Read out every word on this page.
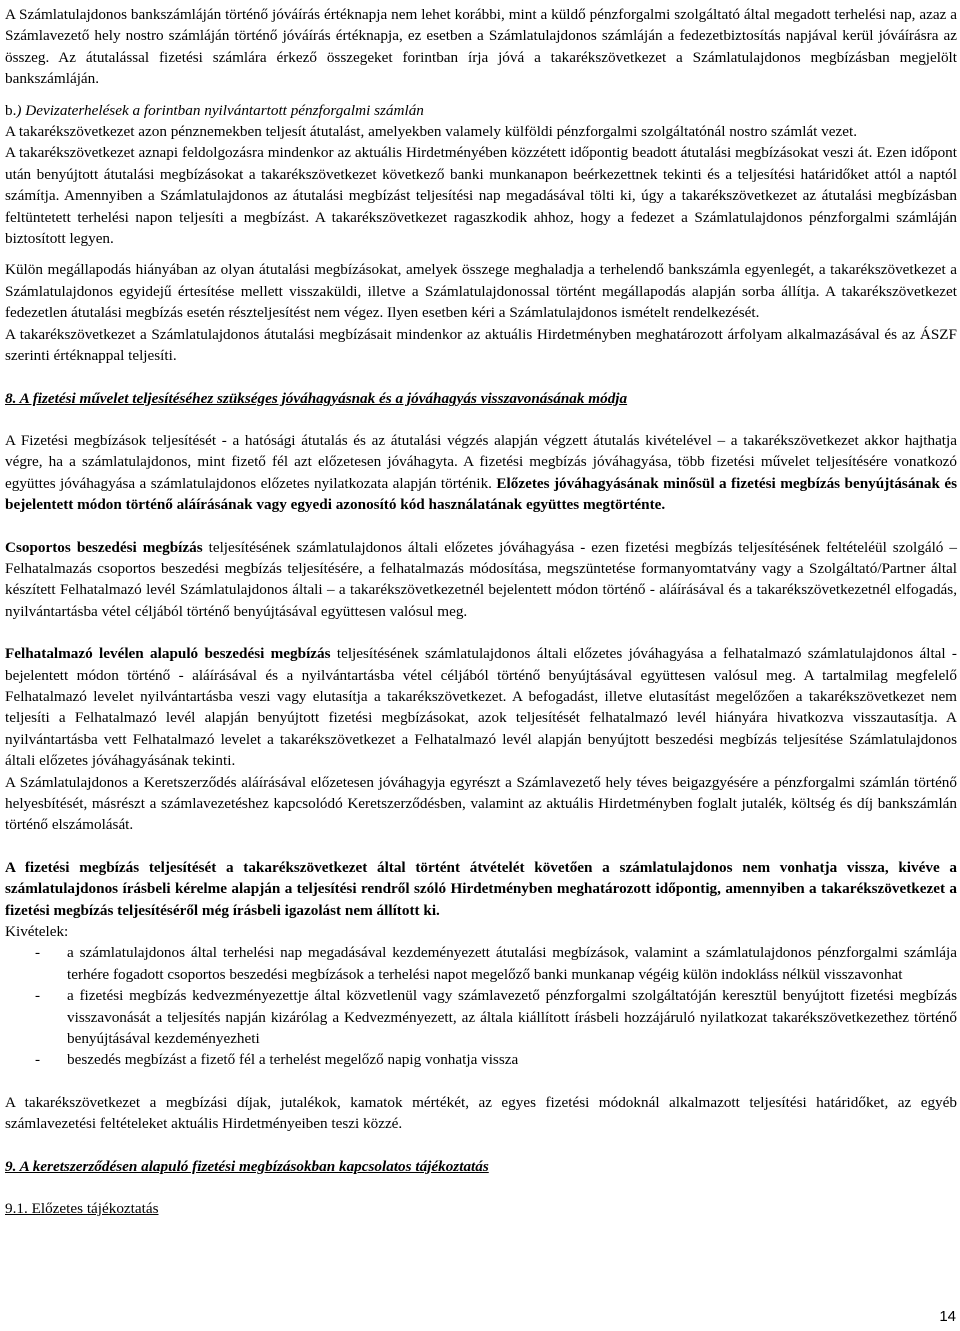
A Számlatulajdonos bankszámláján történő jóváírás értéknapja nem lehet korábbi, mint a küldő pénzforgalmi szolgáltató által megadott terhelési nap, azaz a Számlavezető hely nostro számláján történő jóváírás értéknapja, ez esetben a Számlatulajdonos számláján a fedezetbiztosítás napjával kerül jóváírásra az összeg. Az átutalással fizetési számlára érkező összegeket forintban írja jóvá a takarékszövetkezet a Számlatulajdonos megbízásban megjelölt bankszámláján.

b.) Devizaterhelések a forintban nyilvántartott pénzforgalmi számlán

A takarékszövetkezet azon pénznemekben teljesít átutalást, amelyekben valamely külföldi pénzforgalmi szolgáltatónál nostro számlát vezet.

A takarékszövetkezet aznapi feldolgozásra mindenkor az aktuális Hirdetményében közzétett időpontig beadott átutalási megbízásokat veszi át. Ezen időpont után benyújtott átutalási megbízásokat a takarékszövetkezet következő banki munkanapon beérkezettnek tekinti és a teljesítési határidőket attól a naptól számítja. Amennyiben a Számlatulajdonos az átutalási megbízást teljesítési nap megadásával tölti ki, úgy a takarékszövetkezet az átutalási megbízásban feltüntetett terhelési napon teljesíti a megbízást. A takarékszövetkezet ragaszkodik ahhoz, hogy a fedezet a Számlatulajdonos pénzforgalmi számláján biztosított legyen.

Külön megállapodás hiányában az olyan átutalási megbízásokat, amelyek összege meghaladja a terhelendő bankszámla egyenlegét, a takarékszövetkezet a Számlatulajdonos egyidejű értesítése mellett visszaküldi, illetve a Számlatulajdonossal történt megállapodás alapján sorba állítja. A takarékszövetkezet fedezetlen átutalási megbízás esetén részteljesítést nem végez. Ilyen esetben kéri a Számlatulajdonos ismételt rendelkezését.

A takarékszövetkezet a Számlatulajdonos átutalási megbízásait mindenkor az aktuális Hirdetményben meghatározott árfolyam alkalmazásával és az ÁSZF szerinti értéknappal teljesíti.

8. A fizetési művelet teljesítéséhez szükséges jóváhagyásnak és a jóváhagyás visszavonásának módja

A Fizetési megbízások teljesítését - a hatósági átutalás és az átutalási végzés alapján végzett átutalás kivételével – a takarékszövetkezet akkor hajthatja végre, ha a számlatulajdonos, mint fizető fél azt előzetesen jóváhagyta. A fizetési megbízás jóváhagyása, több fizetési művelet teljesítésére vonatkozó együttes jóváhagyása a számlatulajdonos előzetes nyilatkozata alapján történik. Előzetes jóváhagyásának minősül a fizetési megbízás benyújtásának és bejelentett módon történő aláírásának vagy egyedi azonosító kód használatának együttes megtörténte.

Csoportos beszedési megbízás teljesítésének számlatulajdonos általi előzetes jóváhagyása - ezen fizetési megbízás teljesítésének feltételéül szolgáló – Felhatalmazás csoportos beszedési megbízás teljesítésére, a felhatalmazás módosítása, megszüntetése formanyomtatvány vagy a Szolgáltató/Partner által készített Felhatalmazó levél Számlatulajdonos általi – a takarékszövetkezetnél bejelentett módon történő - aláírásával és a takarékszövetkezetnél elfogadás, nyilvántartásba vétel céljából történő benyújtásával együttesen valósul meg.

Felhatalmazó levélen alapuló beszedési megbízás teljesítésének számlatulajdonos általi előzetes jóváhagyása a felhatalmazó számlatulajdonos által - bejelentett módon történő - aláírásával és a nyilvántartásba vétel céljából történő benyújtásával együttesen valósul meg. A tartalmilag megfelelő Felhatalmazó levelet nyilvántartásba veszi vagy elutasítja a takarékszövetkezet. A befogadást, illetve elutasítást megelőzően a takarékszövetkezet nem teljesíti a Felhatalmazó levél alapján benyújtott fizetési megbízásokat, azok teljesítését felhatalmazó levél hiányára hivatkozva visszautasítja. A nyilvántartásba vett Felhatalmazó levelet a takarékszövetkezet a Felhatalmazó levél alapján benyújtott beszedési megbízás teljesítése Számlatulajdonos általi előzetes jóváhagyásának tekinti.

A Számlatulajdonos a Keretszerződés aláírásával előzetesen jóváhagyja egyrészt a Számlavezető hely téves beigazgyésére a pénzforgalmi számlán történő helyesbítését, másrészt a számlavezetéshez kapcsolódó Keretszerződésben, valamint az aktuális Hirdetményben foglalt jutalék, költség és díj bankszámlán történő elszámolását.

A fizetési megbízás teljesítését a takarékszövetkezet által történt átvételét követően a számlatulajdonos nem vonhatja vissza, kivéve a számlatulajdonos írásbeli kérelme alapján a teljesítési rendről szóló Hirdetményben meghatározott időpontig, amennyiben a takarékszövetkezet a fizetési megbízás teljesítéséről még írásbeli igazolást nem állított ki.

Kivételek:

- a számlatulajdonos által terhelési nap megadásával kezdeményezett átutalási megbízások, valamint a számlatulajdonos pénzforgalmi számlája terhére fogadott csoportos beszedési megbízások a terhelési napot megelőző banki munkanap végéig külön indokláss nélkül visszavonhat
- a fizetési megbízás kedvezményezettje által közvetlenül vagy számlavezető pénzforgalmi szolgáltatóján keresztül benyújtott fizetési megbízás visszavonását a teljesítés napján kizárólag a Kedvezményezett, az általa kiállított írásbeli hozzájáruló nyilatkozat takarékszövetkezethez történő benyújtásával kezdeményezheti
- beszedés megbízást a fizető fél a terhelést megelőző napig vonhatja vissza

A takarékszövetkezet a megbízási díjak, jutalékok, kamatok mértékét, az egyes fizetési módoknál alkalmazott teljesítési határidőket, az egyéb számlavezetési feltételeket aktuális Hirdetményeiben teszi közzé.

9. A keretszerződésen alapuló fizetési megbízásokban kapcsolatos tájékoztatás

9.1. Előzetes tájékoztatás

14
